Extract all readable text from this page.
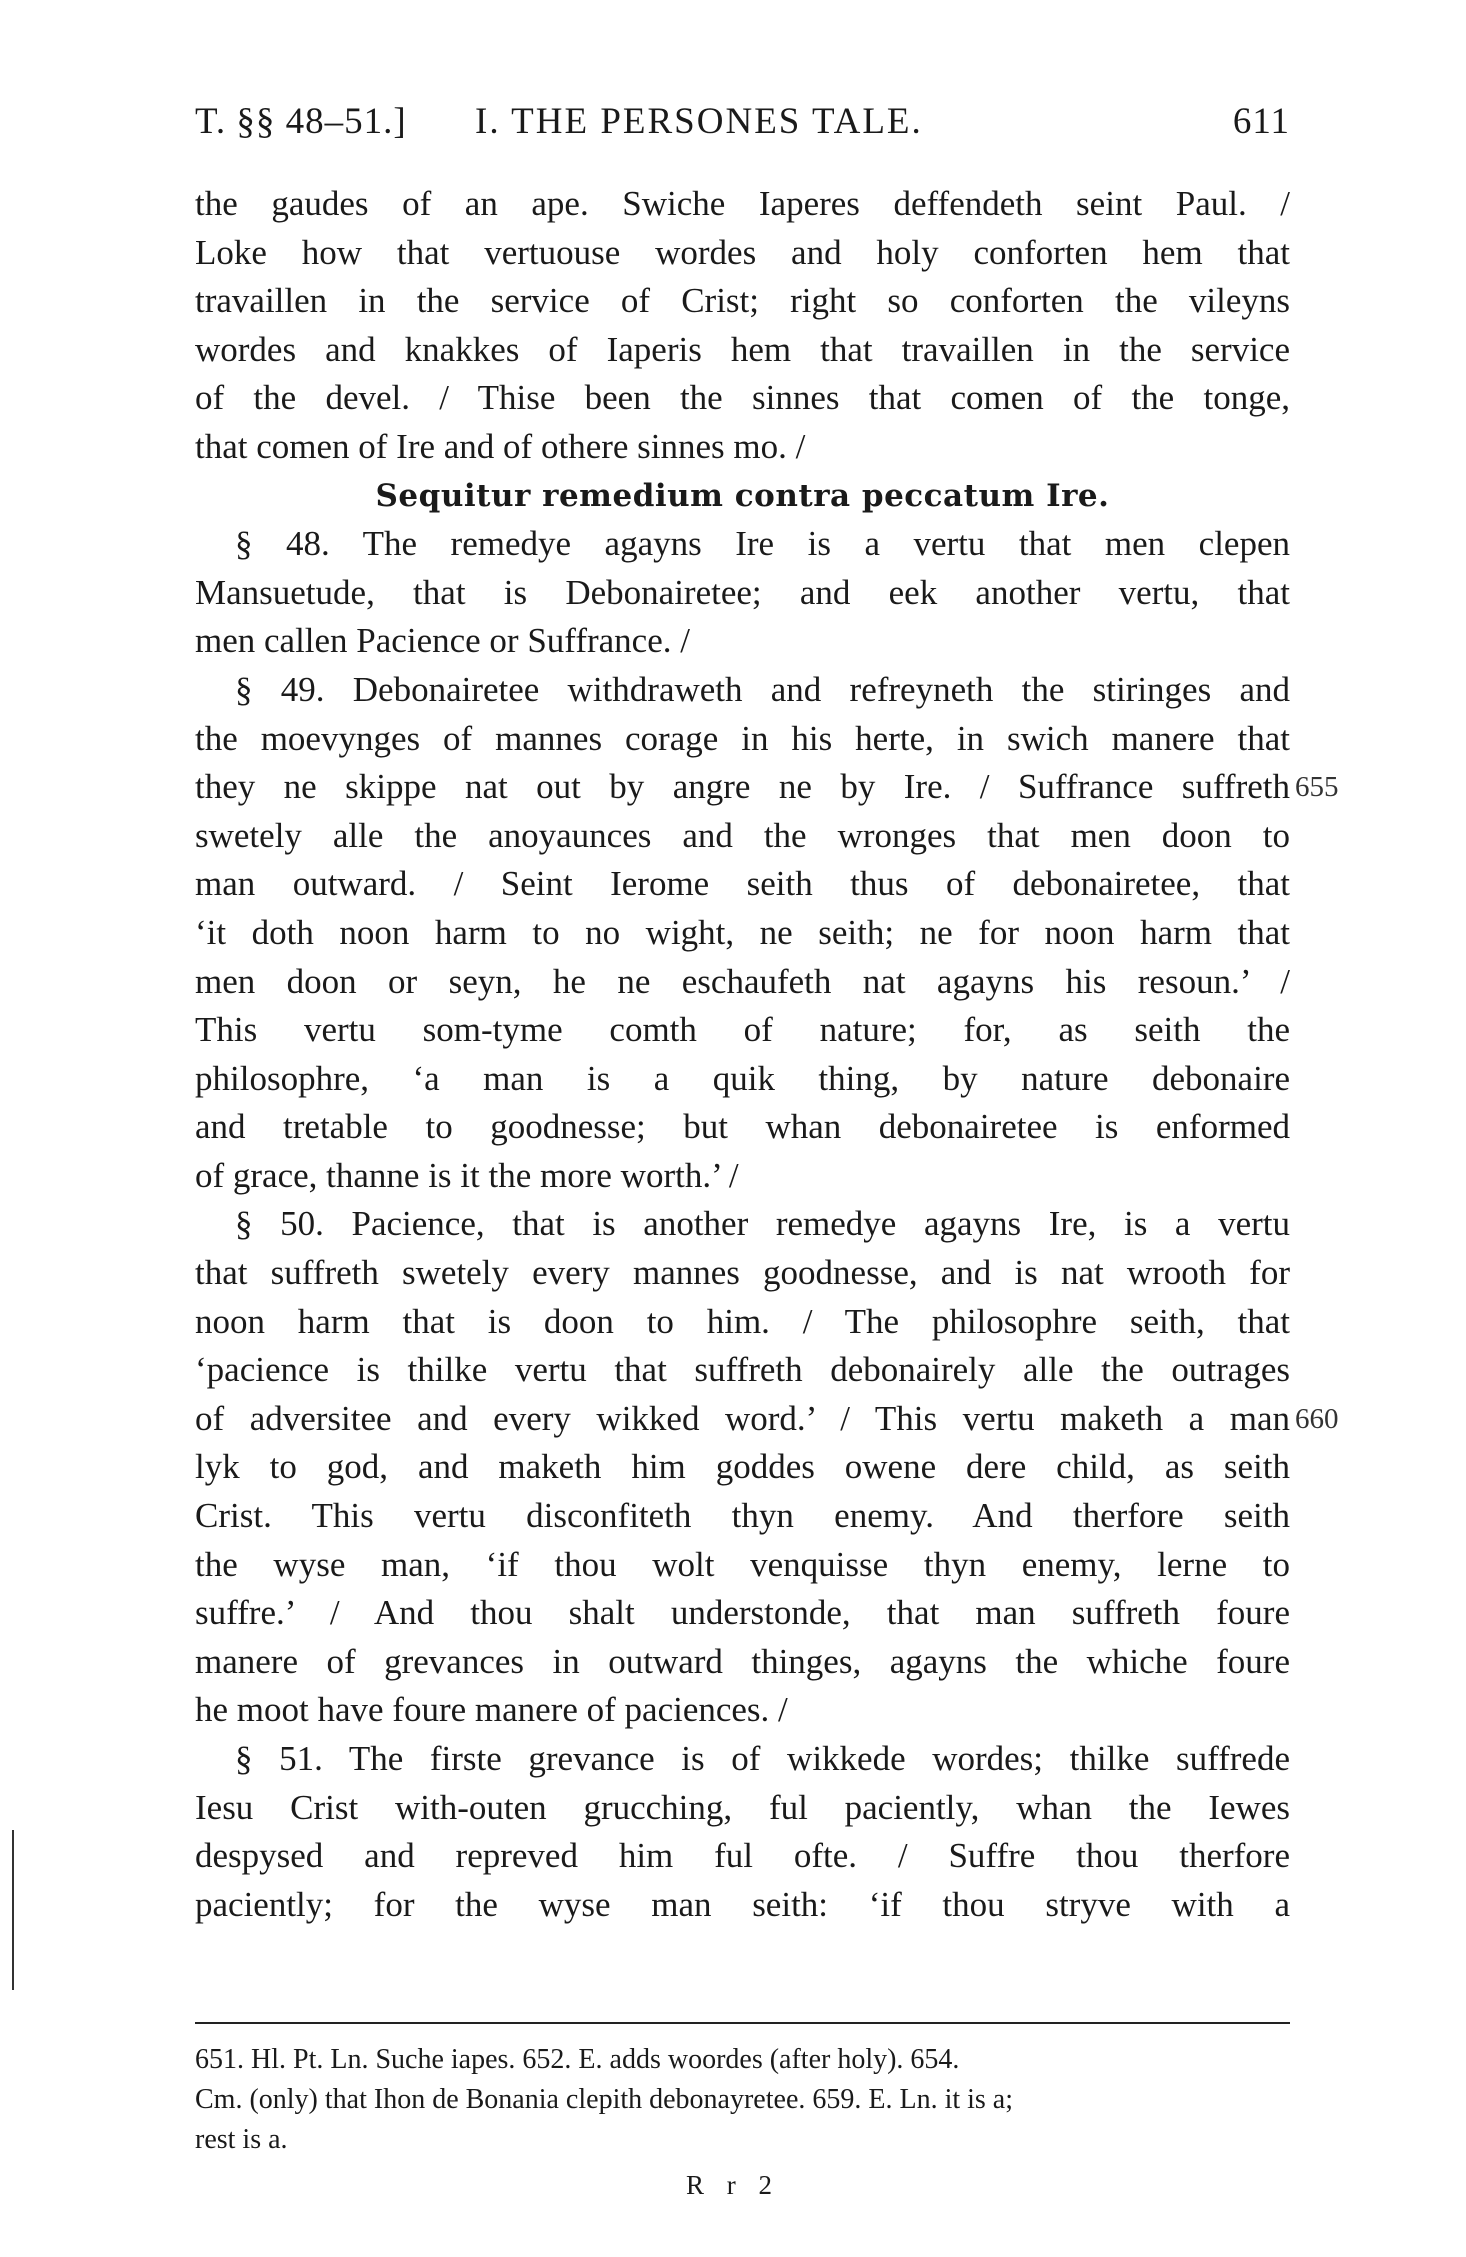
T. §§ 48–51.] I. THE PERSONES TALE.	611
the gaudes of an ape. Swiche Iaperes deffendeth seint Paul. /
Loke how that vertuouse wordes and holy conforten hem that
travaillen in the service of Crist; right so conforten the vileyns
wordes and knakkes of Iaperis hem that travaillen in the service
of the devel. / Thise been the sinnes that comen of the tonge,
that comen of Ire and of othere sinnes mo. /
Sequitur remedium contra peccatum Ire.
§ 48. The remedye agayns Ire is a vertu that men clepen
Mansuetude, that is Debonairetee; and eek another vertu, that
men callen Pacience or Suffrance. /
§ 49. Debonairetee withdraweth and refreyneth the stiringes and
the moevynges of mannes corage in his herte, in swich manere that
they ne skippe nat out by angre ne by Ire. / Suffrance suffreth 655
swetely alle the anoyaunces and the wronges that men doon to
man outward. / Seint Ierome seith thus of debonairetee, that
‘it doth noon harm to no wight, ne seith; ne for noon harm that
men doon or seyn, he ne eschaufeth nat agayns his resoun.’ /
This vertu som-tyme comth of nature; for, as seith the
philosophre, ‘a man is a quik thing, by nature debonaire
and tretable to goodnesse; but whan debonairetee is enformed
of grace, thanne is it the more worth.’ /
§ 50. Pacience, that is another remedye agayns Ire, is a vertu
that suffreth swetely every mannes goodnesse, and is nat wrooth for
noon harm that is doon to him. / The philosophre seith, that
‘pacience is thilke vertu that suffreth debonairely alle the outrages
of adversitee and every wikked word.’ / This vertu maketh a man 660
lyk to god, and maketh him goddes owene dere child, as seith
Crist. This vertu disconfiteth thyn enemy. And therfore seith
the wyse man, ‘if thou wolt venquisse thyn enemy, lerne to
suffre.’ / And thou shalt understonde, that man suffreth foure
manere of grevances in outward thinges, agayns the whiche foure
he moot have foure manere of paciences. /
§ 51. The firste grevance is of wikkede wordes; thilke suffrede
Iesu Crist with-outen grucching, ful paciently, whan the Iewes
despysed and repreved him ful ofte. / Suffre thou therfore
paciently; for the wyse man seith: ‘if thou stryve with a
651. Hl. Pt. Ln. Suche iapes. 652. E. adds woordes (after holy). 654.
Cm. (only) that Ihon de Bonania clepith debonayretee. 659. E. Ln. it is a;
rest is a.
R r 2
